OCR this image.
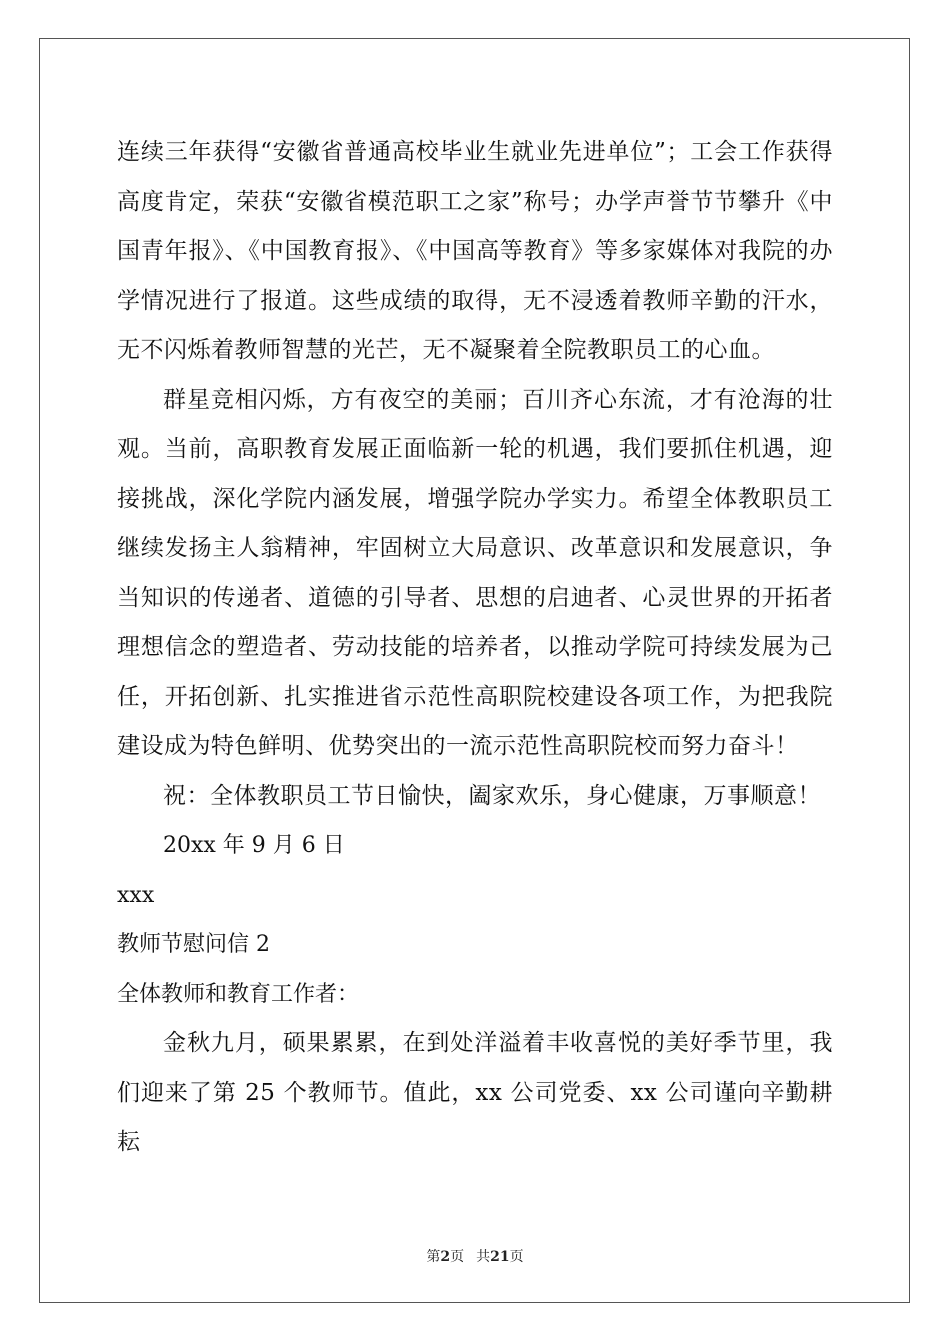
连续三年获得“安徽省普通高校毕业生就业先进单位”；工会工作获得高度肯定，荣获“安徽省模范职工之家”称号；办学声誉节节攀升《中国青年报》、《中国教育报》、《中国高等教育》等多家媒体对我院的办学情况进行了报道。这些成绩的取得，无不浸透着教师辛勤的汗水，无不闪烁着教师智慧的光芒，无不凝聚着全院教职员工的心血。

群星竞相闪烁，方有夜空的美丽；百川齐心东流，才有沧海的壮观。当前，高职教育发展正面临新一轮的机遇，我们要抓住机遇，迎接挑战，深化学院内涵发展，增强学院办学实力。希望全体教职员工继续发扬主人翁精神，牢固树立大局意识、改革意识和发展意识，争当知识的传递者、道德的引导者、思想的启迪者、心灵世界的开拓者理想信念的塑造者、劳动技能的培养者，以推动学院可持续发展为己任，开拓创新、扎实推进省示范性高职院校建设各项工作，为把我院建设成为特色鲜明、优势突出的一流示范性高职院校而努力奋斗！

祝：全体教职员工节日愉快，阖家欢乐，身心健康，万事顺意！

20xx 年 9 月 6 日

xxx

教师节慰问信 2

全体教师和教育工作者：

金秋九月，硕果累累，在到处洋溢着丰收喜悦的美好季节里，我们迎来了第 25 个教师节。值此，xx 公司党委、xx 公司谨向辛勤耕耘

第2页 共21页
